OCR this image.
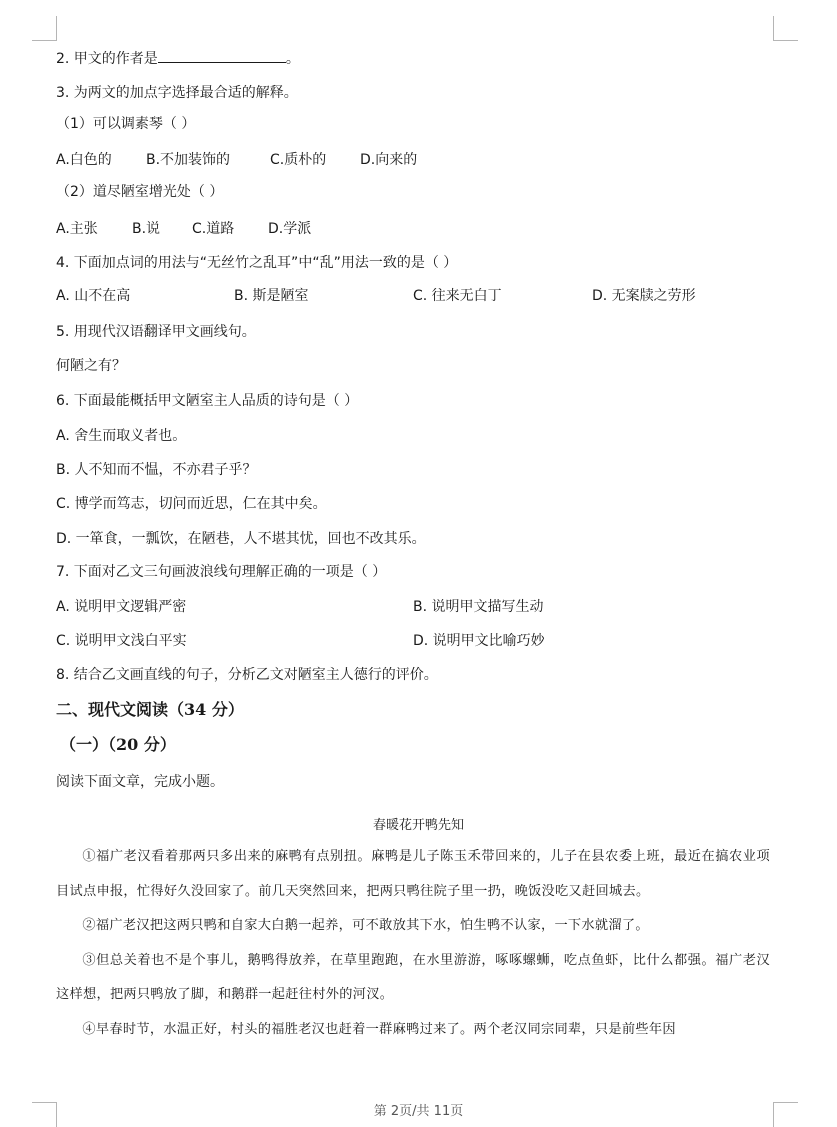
2. 甲文的作者是	。
3. 为两文的加点字选择最合适的解释。
（1）可以调素琴（ ）
A.白色的 B.不加装饰的	C.质朴的 D.向来的
（2）道尽陋室增光处（ ）
A.主张 B.说 C.道路 D.学派
4. 下面加点词的用法与“无丝竹之乱耳”中“乱”用法一致的是（ ）
A. 山不在高	B. 斯是陋室	C. 往来无白丁	D. 无案牍之劳形
5. 用现代汉语翻译甲文画线句。
何陋之有？
6. 下面最能概括甲文陋室主人品质的诗句是（ ）
A. 舍生而取义者也。
B. 人不知而不愠，不亦君子乎？
C. 博学而笃志，切问而近思，仁在其中矣。
D. 一箪食，一瓢饮，在陋巷，人不堪其忧，回也不改其乐。
7. 下面对乙文三句画波浪线句理解正确的一项是（ ）
A. 说明甲文逻辑严密	B. 说明甲文描写生动
C. 说明甲文浅白平实	D. 说明甲文比喻巧妙
8. 结合乙文画直线的句子，分析乙文对陋室主人德行的评价。
二、现代文阅读（34 分）
（一）（20 分）
阅读下面文章，完成小题。
春暖花开鸭先知

①福广老汉看着那两只多出来的麻鸭有点别扭。麻鸭是儿子陈玉禾带回来的，儿子在县农委上班，最近在搞农业项目试点申报，忙得好久没回家了。前几天突然回来，把两只鸭往院子里一扔，晚饭没吃又赶回城去。

②福广老汉把这两只鸭和自家大白鹅一起养，可不敢放其下水，怕生鸭不认家，一下水就溜了。

③但总关着也不是个事儿，鹅鸭得放养，在草里跑跑，在水里游游，啄啄螺蛳，吃点鱼虾，比什么都强。福广老汉这样想，把两只鸭放了脚，和鹅群一起赶往村外的河汊。

④早春时节，水温正好，村头的福胜老汉也赶着一群麻鸭过来了。两个老汉同宗同辈，只是前些年因

第 2页/共 11页
